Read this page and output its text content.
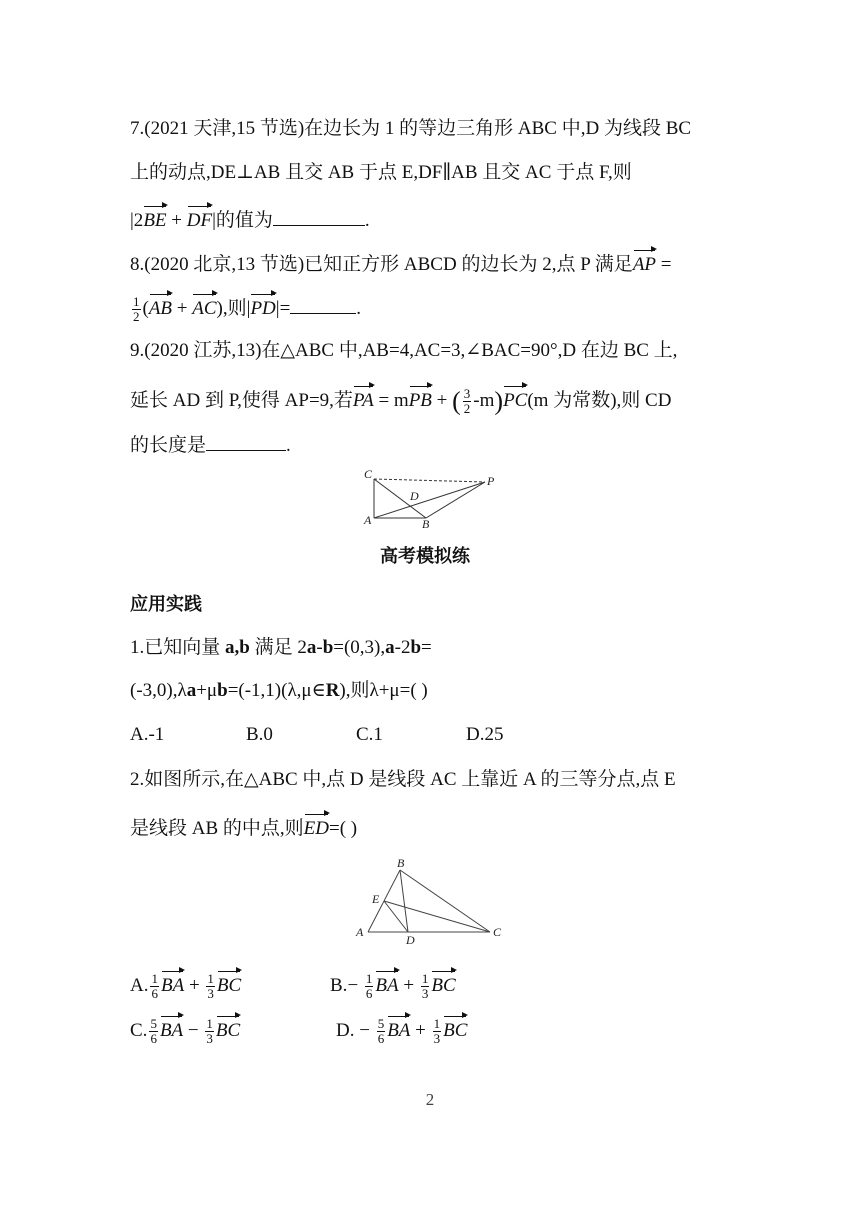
7.(2021 天津,15 节选)在边长为 1 的等边三角形 ABC 中,D 为线段 BC
上的动点,DE⊥AB 且交 AB 于点 E,DF∥AB 且交 AC 于点 F,则
|2BE + DF|的值为	.
8.(2020 北京,13 节选)已知正方形 ABCD 的边长为 2,点 P 满足AP =
$\frac{1}{2} (AB + AC)$,则|PD|=	.
9.(2020 江苏,13)在△ABC 中,AB=4,AC=3,∠BAC=90°,D 在边 BC 上,
延长 AD 到 P,使得 AP=9,若PA = mPB + ( $\frac{3}{2} -m)PC(m$ 为常数),则 CD
的长度是	.
C	P
D
A	B
高考模拟练
应用实践
1.已知向量 a,b 满足 2a-b=(0,3),a-2b=
(-3,0),λa+μb=(-1,1)(λ,μ∈R),则λ+μ=( )
A.-1	B.0	C.1	D.25
2.如图所示,在△ABC 中,点 D 是线段 AC 上靠近 A 的三等分点,点 E
是线段 AB 的中点,则ED=( )
B
E
A
D
C
A. $\frac{1}{6}$ BA + $\frac{1}{3}$ BC	$B.- \frac{1}{6}$ BA + $\frac{1}{3}$ BC
C. $\frac{5}{6}$ BA − $\frac{1}{3}$ BC	D. − $\frac{5}{6}$ BA + $\frac{1}{3}$ BC
2
